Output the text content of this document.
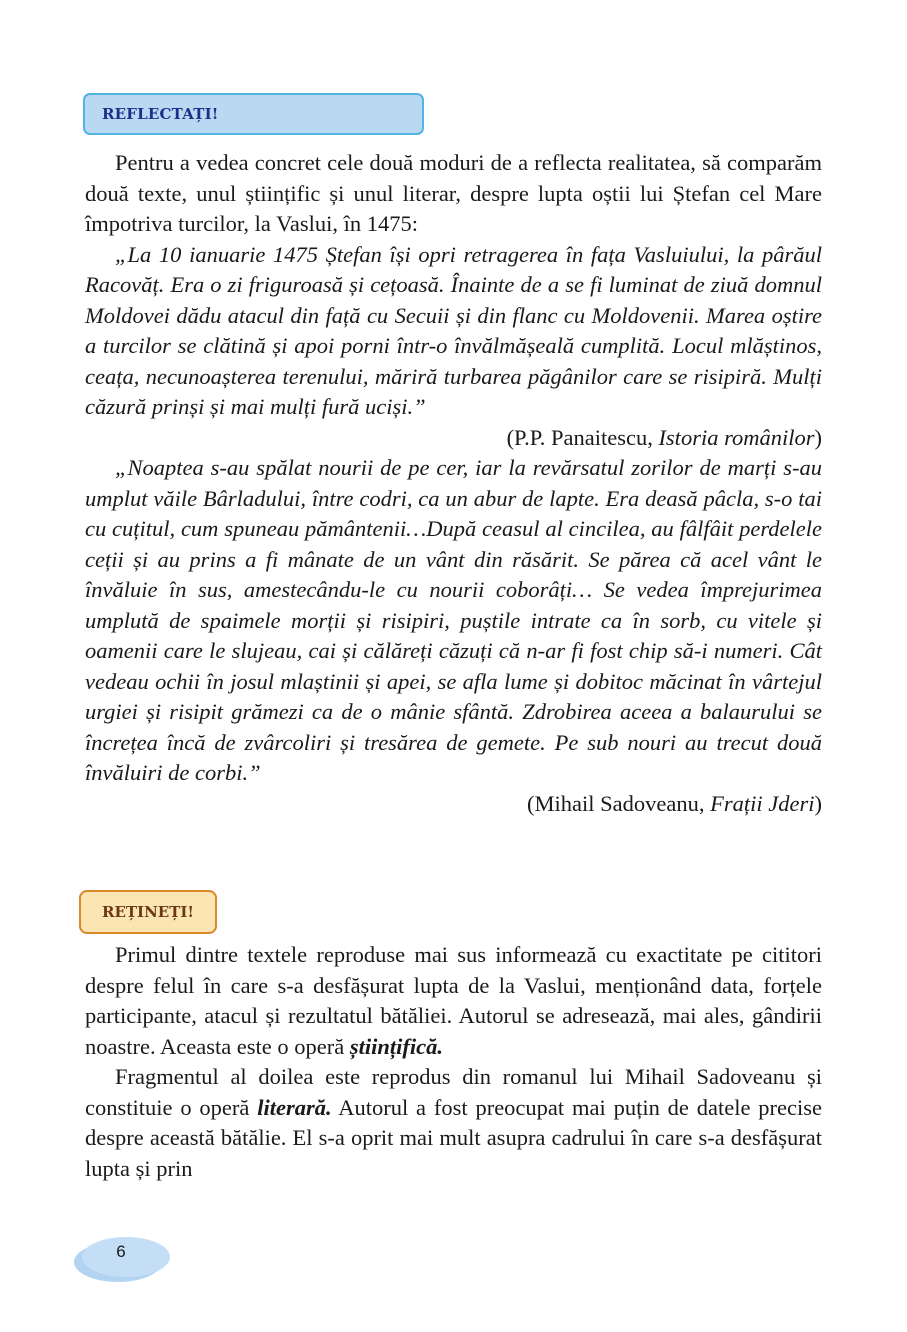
REFLECTAȚI!

Pentru a vedea concret cele două moduri de a reflecta realitatea, să comparăm două texte, unul științific și unul literar, despre lupta oștii lui Ștefan cel Mare împotriva turcilor, la Vaslui, în 1475:

„La 10 ianuarie 1475 Ștefan își opri retragerea în fața Vasluiului, la pârăul Racovăț. Era o zi friguroasă și cețoasă. Înainte de a se fi luminat de ziuă domnul Moldovei dădu atacul din față cu Secuii și din flanc cu Moldovenii. Marea oștire a turcilor se clătină și apoi porni într-o învălmășeală cumplită. Locul mlăștinos, ceața, necunoașterea terenului, măriră turbarea păgânilor care se risipiră. Mulți căzură prinși și mai mulți fură uciși.”

(P.P. Panaitescu, Istoria românilor)

„Noaptea s-au spălat nourii de pe cer, iar la revărsatul zorilor de marți s-au umplut văile Bârladului, între codri, ca un abur de lapte. Era deasă pâcla, s-o tai cu cuțitul, cum spuneau pământenii…După ceasul al cincilea, au fâlfâit perdelele ceții și au prins a fi mânate de un vânt din răsărit. Se părea că acel vânt le învăluie în sus, amestecându-le cu nourii coborâți… Se vedea împrejurimea umplută de spaimele morții și risipiri, puștile intrate ca în sorb, cu vitele și oamenii care le slujeau, cai și călăreți căzuți că n-ar fi fost chip să-i numeri. Cât vedeau ochii în josul mlaștinii și apei, se afla lume și dobitoc măcinat în vârtejul urgiei și risipit grămezi ca de o mânie sfântă. Zdrobirea aceea a balaurului se încrețea încă de zvârcoliri și tresărea de gemete. Pe sub nouri au trecut două învăluiri de corbi.”

(Mihail Sadoveanu, Frații Jderi)

REȚINEȚI!

Primul dintre textele reproduse mai sus informează cu exactitate pe cititori despre felul în care s-a desfășurat lupta de la Vaslui, menționând data, forțele participante, atacul și rezultatul bătăliei. Autorul se adresează, mai ales, gândirii noastre. Aceasta este o operă științifică.

Fragmentul al doilea este reprodus din romanul lui Mihail Sadoveanu și constituie o operă literară. Autorul a fost preocupat mai puțin de datele precise despre această bătălie. El s-a oprit mai mult asupra cadrului în care s-a desfășurat lupta și prin

6
